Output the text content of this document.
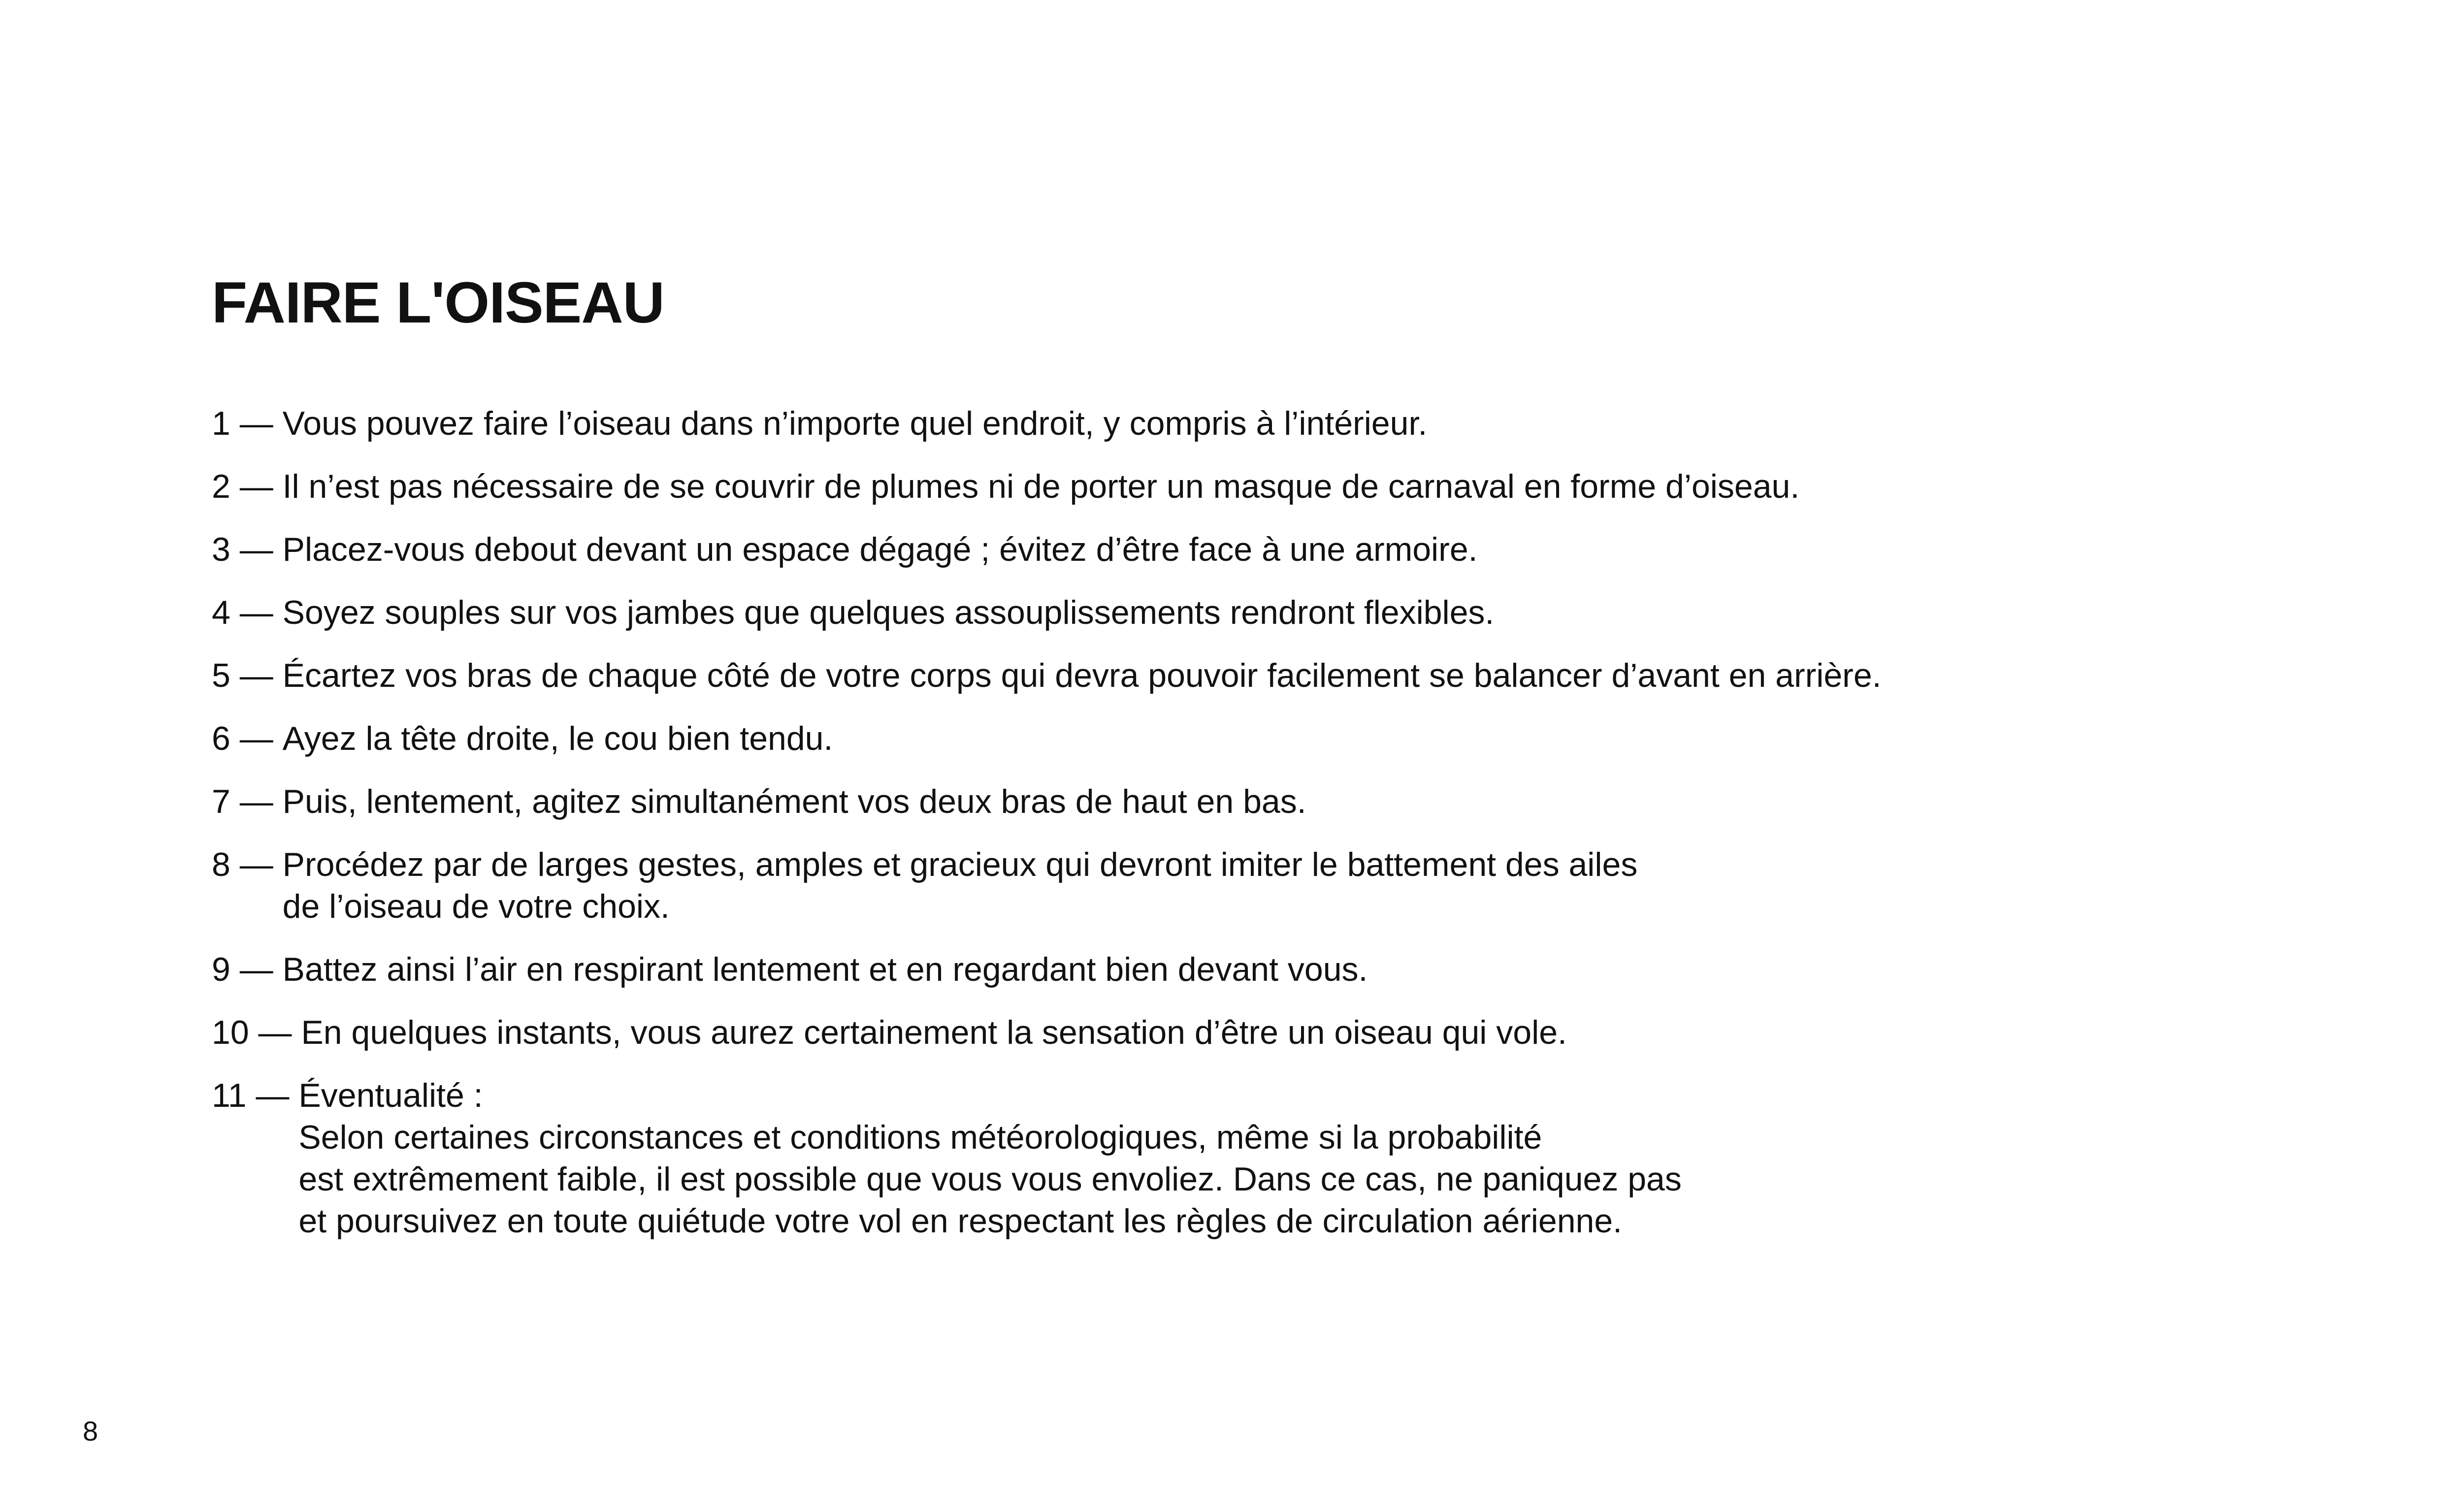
FAIRE L'OISEAU
1 — Vous pouvez faire l’oiseau dans n’importe quel endroit, y compris à l’intérieur.
2 — Il n’est pas nécessaire de se couvrir de plumes ni de porter un masque de carnaval en forme d’oiseau.
3 — Placez-vous debout devant un espace dégagé ; évitez d’être face à une armoire.
4 — Soyez souples sur vos jambes que quelques assouplissements rendront flexibles.
5 — Écartez vos bras de chaque côté de votre corps qui devra pouvoir facilement se balancer d’avant en arrière.
6 — Ayez la tête droite, le cou bien tendu.
7 — Puis, lentement, agitez simultanément vos deux bras de haut en bas.
8 — Procédez par de larges gestes, amples et gracieux qui devront imiter le battement des ailes
de l’oiseau de votre choix.
9 — Battez ainsi l’air en respirant lentement et en regardant bien devant vous.
10 — En quelques instants, vous aurez certainement la sensation d’être un oiseau qui vole.
11 — Éventualité :
Selon certaines circonstances et conditions météorologiques, même si la probabilité
est extrêmement faible, il est possible que vous vous envoliez. Dans ce cas, ne paniquez pas
et poursuivez en toute quiétude votre vol en respectant les règles de circulation aérienne.
8
